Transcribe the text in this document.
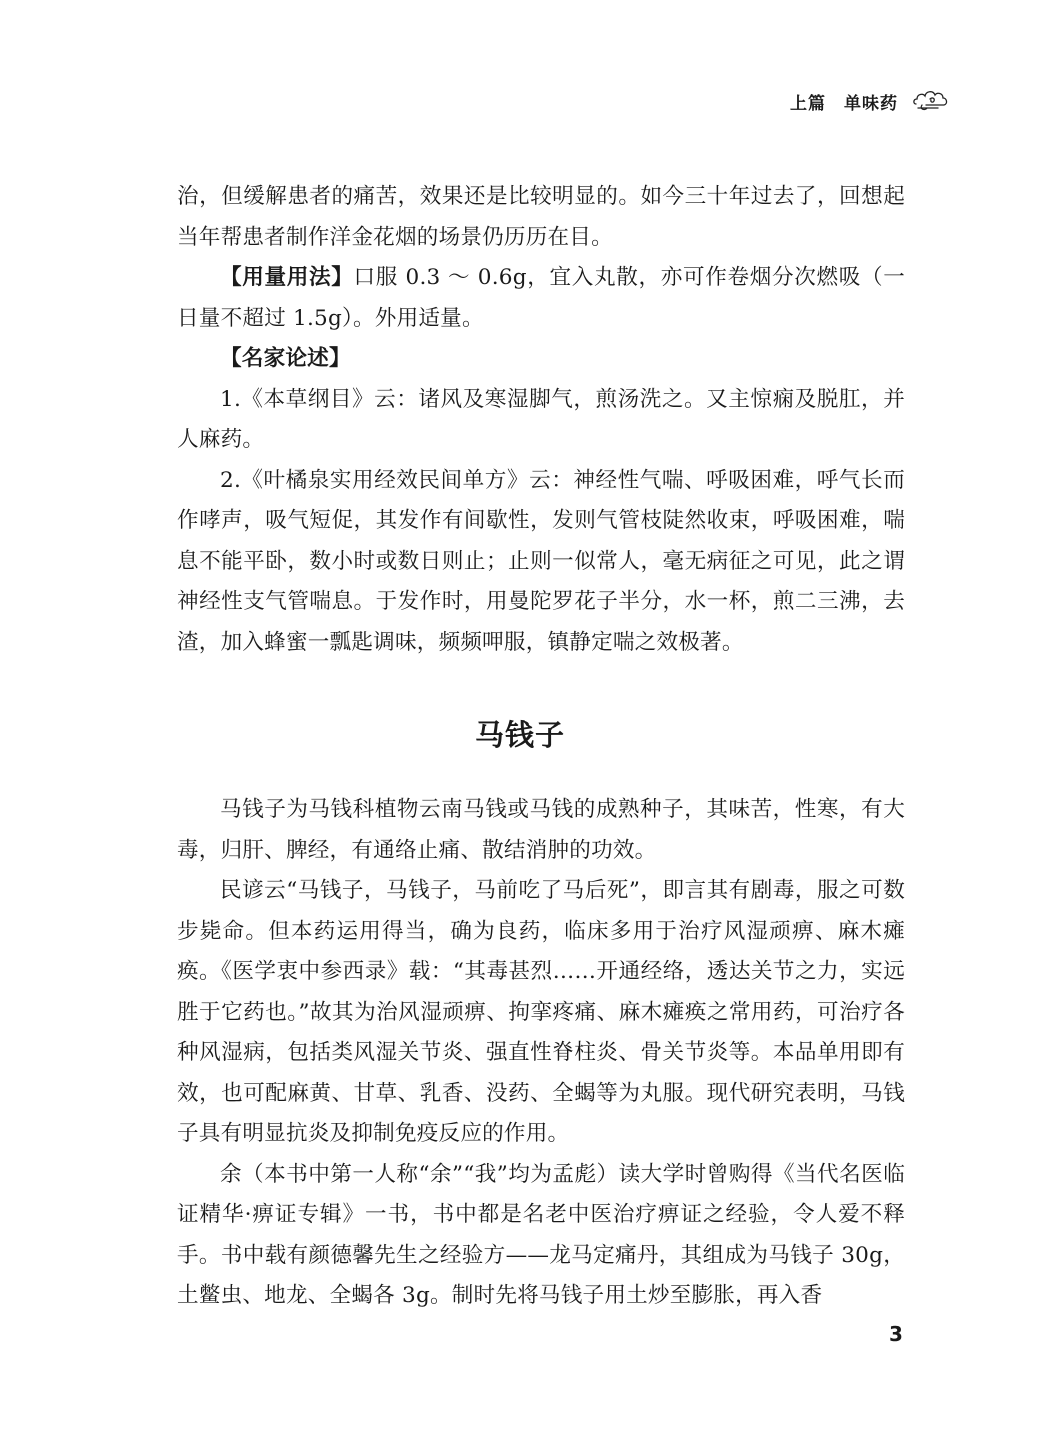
上篇　单味药

治，但缓解患者的痛苦，效果还是比较明显的。如今三十年过去了，回想起当年帮患者制作洋金花烟的场景仍历历在目。

【用量用法】口服 0.3 ～ 0.6g，宜入丸散，亦可作卷烟分次燃吸（一日量不超过 1.5g）。外用适量。

【名家论述】

1.《本草纲目》云：诸风及寒湿脚气，煎汤洗之。又主惊痫及脱肛，并人麻药。

2.《叶橘泉实用经效民间单方》云：神经性气喘、呼吸困难，呼气长而作哮声，吸气短促，其发作有间歇性，发则气管枝陡然收束，呼吸困难，喘息不能平卧，数小时或数日则止；止则一似常人，毫无病征之可见，此之谓神经性支气管喘息。于发作时，用曼陀罗花子半分，水一杯，煎二三沸，去渣，加入蜂蜜一瓢匙调味，频频呷服，镇静定喘之效极著。

马钱子

马钱子为马钱科植物云南马钱或马钱的成熟种子，其味苦，性寒，有大毒，归肝、脾经，有通络止痛、散结消肿的功效。

民谚云“马钱子，马钱子，马前吃了马后死”，即言其有剧毒，服之可数步毙命。但本药运用得当，确为良药，临床多用于治疗风湿顽痹、麻木瘫痪。《医学衷中参西录》载：“其毒甚烈……开通经络，透达关节之力，实远胜于它药也。”故其为治风湿顽痹、拘挛疼痛、麻木瘫痪之常用药，可治疗各种风湿病，包括类风湿关节炎、强直性脊柱炎、骨关节炎等。本品单用即有效，也可配麻黄、甘草、乳香、没药、全蝎等为丸服。现代研究表明，马钱子具有明显抗炎及抑制免疫反应的作用。

余（本书中第一人称“余”“我”均为孟彪）读大学时曾购得《当代名医临证精华·痹证专辑》一书，书中都是名老中医治疗痹证之经验，令人爱不释手。书中载有颜德馨先生之经验方——龙马定痛丹，其组成为马钱子 30g，土鳖虫、地龙、全蝎各 3g。制时先将马钱子用土炒至膨胀，再入香

3
